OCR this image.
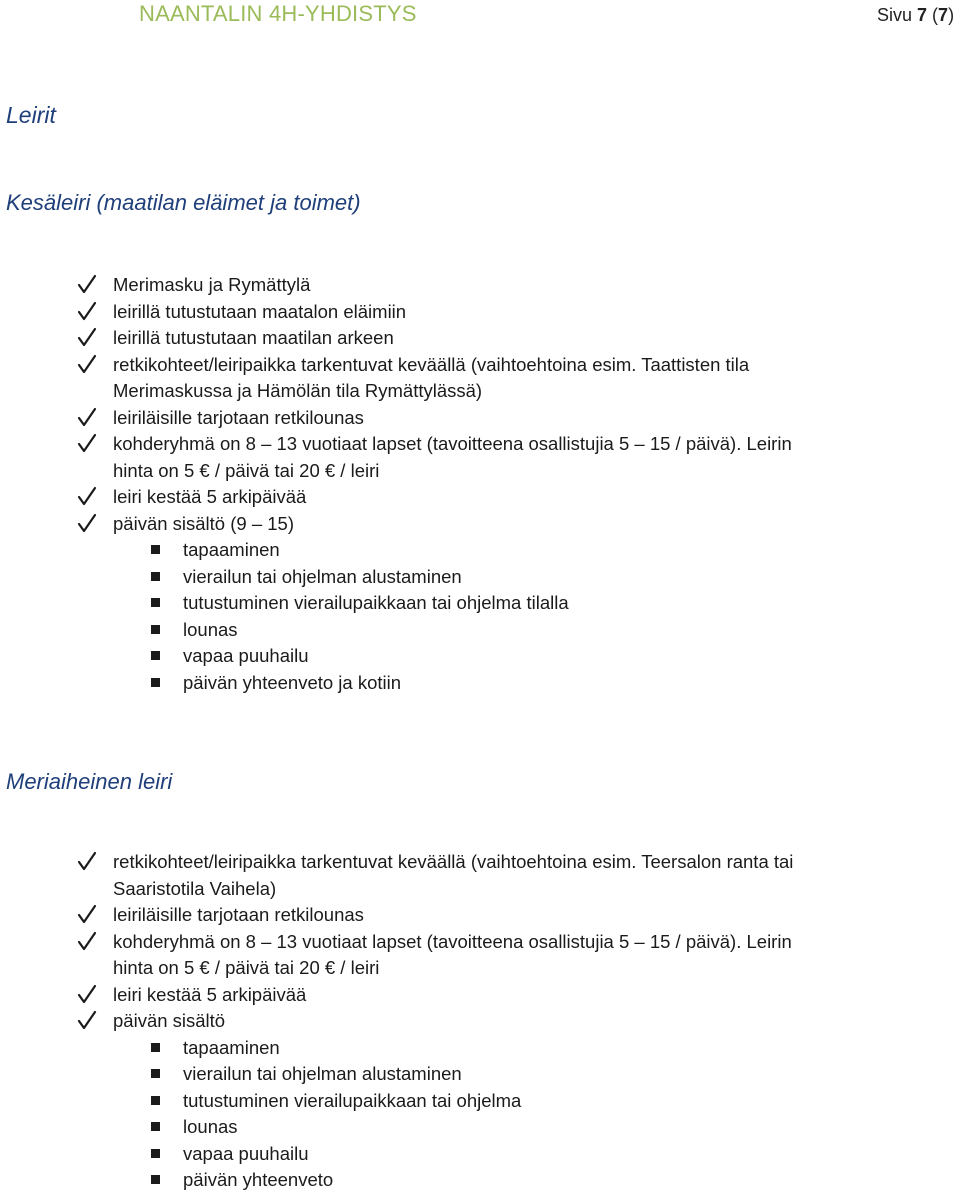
NAANTALIN 4H-YHDISTYS	Sivu 7 (7)
Leirit
Kesäleiri (maatilan eläimet ja toimet)
Merimasku ja Rymättylä
leirillä tutustutaan maatalon eläimiin
leirillä tutustutaan maatilan arkeen
retkikohteet/leiripaikka tarkentuvat keväällä (vaihtoehtoina esim. Taattisten tila
Merimaskussa ja Hämölän tila Rymättylässä)
leiriläisille tarjotaan retkilounas
kohderyhmä on 8 – 13 vuotiaat lapset (tavoitteena osallistujia 5 – 15 / päivä). Leirin
hinta on 5 € / päivä tai 20 € / leiri
leiri kestää 5 arkipäivää
päivän sisältö (9 – 15)
tapaaminen
vierailun tai ohjelman alustaminen
tutustuminen vierailupaikkaan tai ohjelma tilalla
lounas
vapaa puuhailu
päivän yhteenveto ja kotiin
Meriaiheinen leiri
retkikohteet/leiripaikka tarkentuvat keväällä (vaihtoehtoina esim. Teersalon ranta tai
Saaristotila Vaihela)
leiriläisille tarjotaan retkilounas
kohderyhmä on 8 – 13 vuotiaat lapset (tavoitteena osallistujia 5 – 15 / päivä). Leirin
hinta on 5 € / päivä tai 20 € / leiri
leiri kestää 5 arkipäivää
päivän sisältö
tapaaminen
vierailun tai ohjelman alustaminen
tutustuminen vierailupaikkaan tai ohjelma
lounas
vapaa puuhailu
päivän yhteenveto
